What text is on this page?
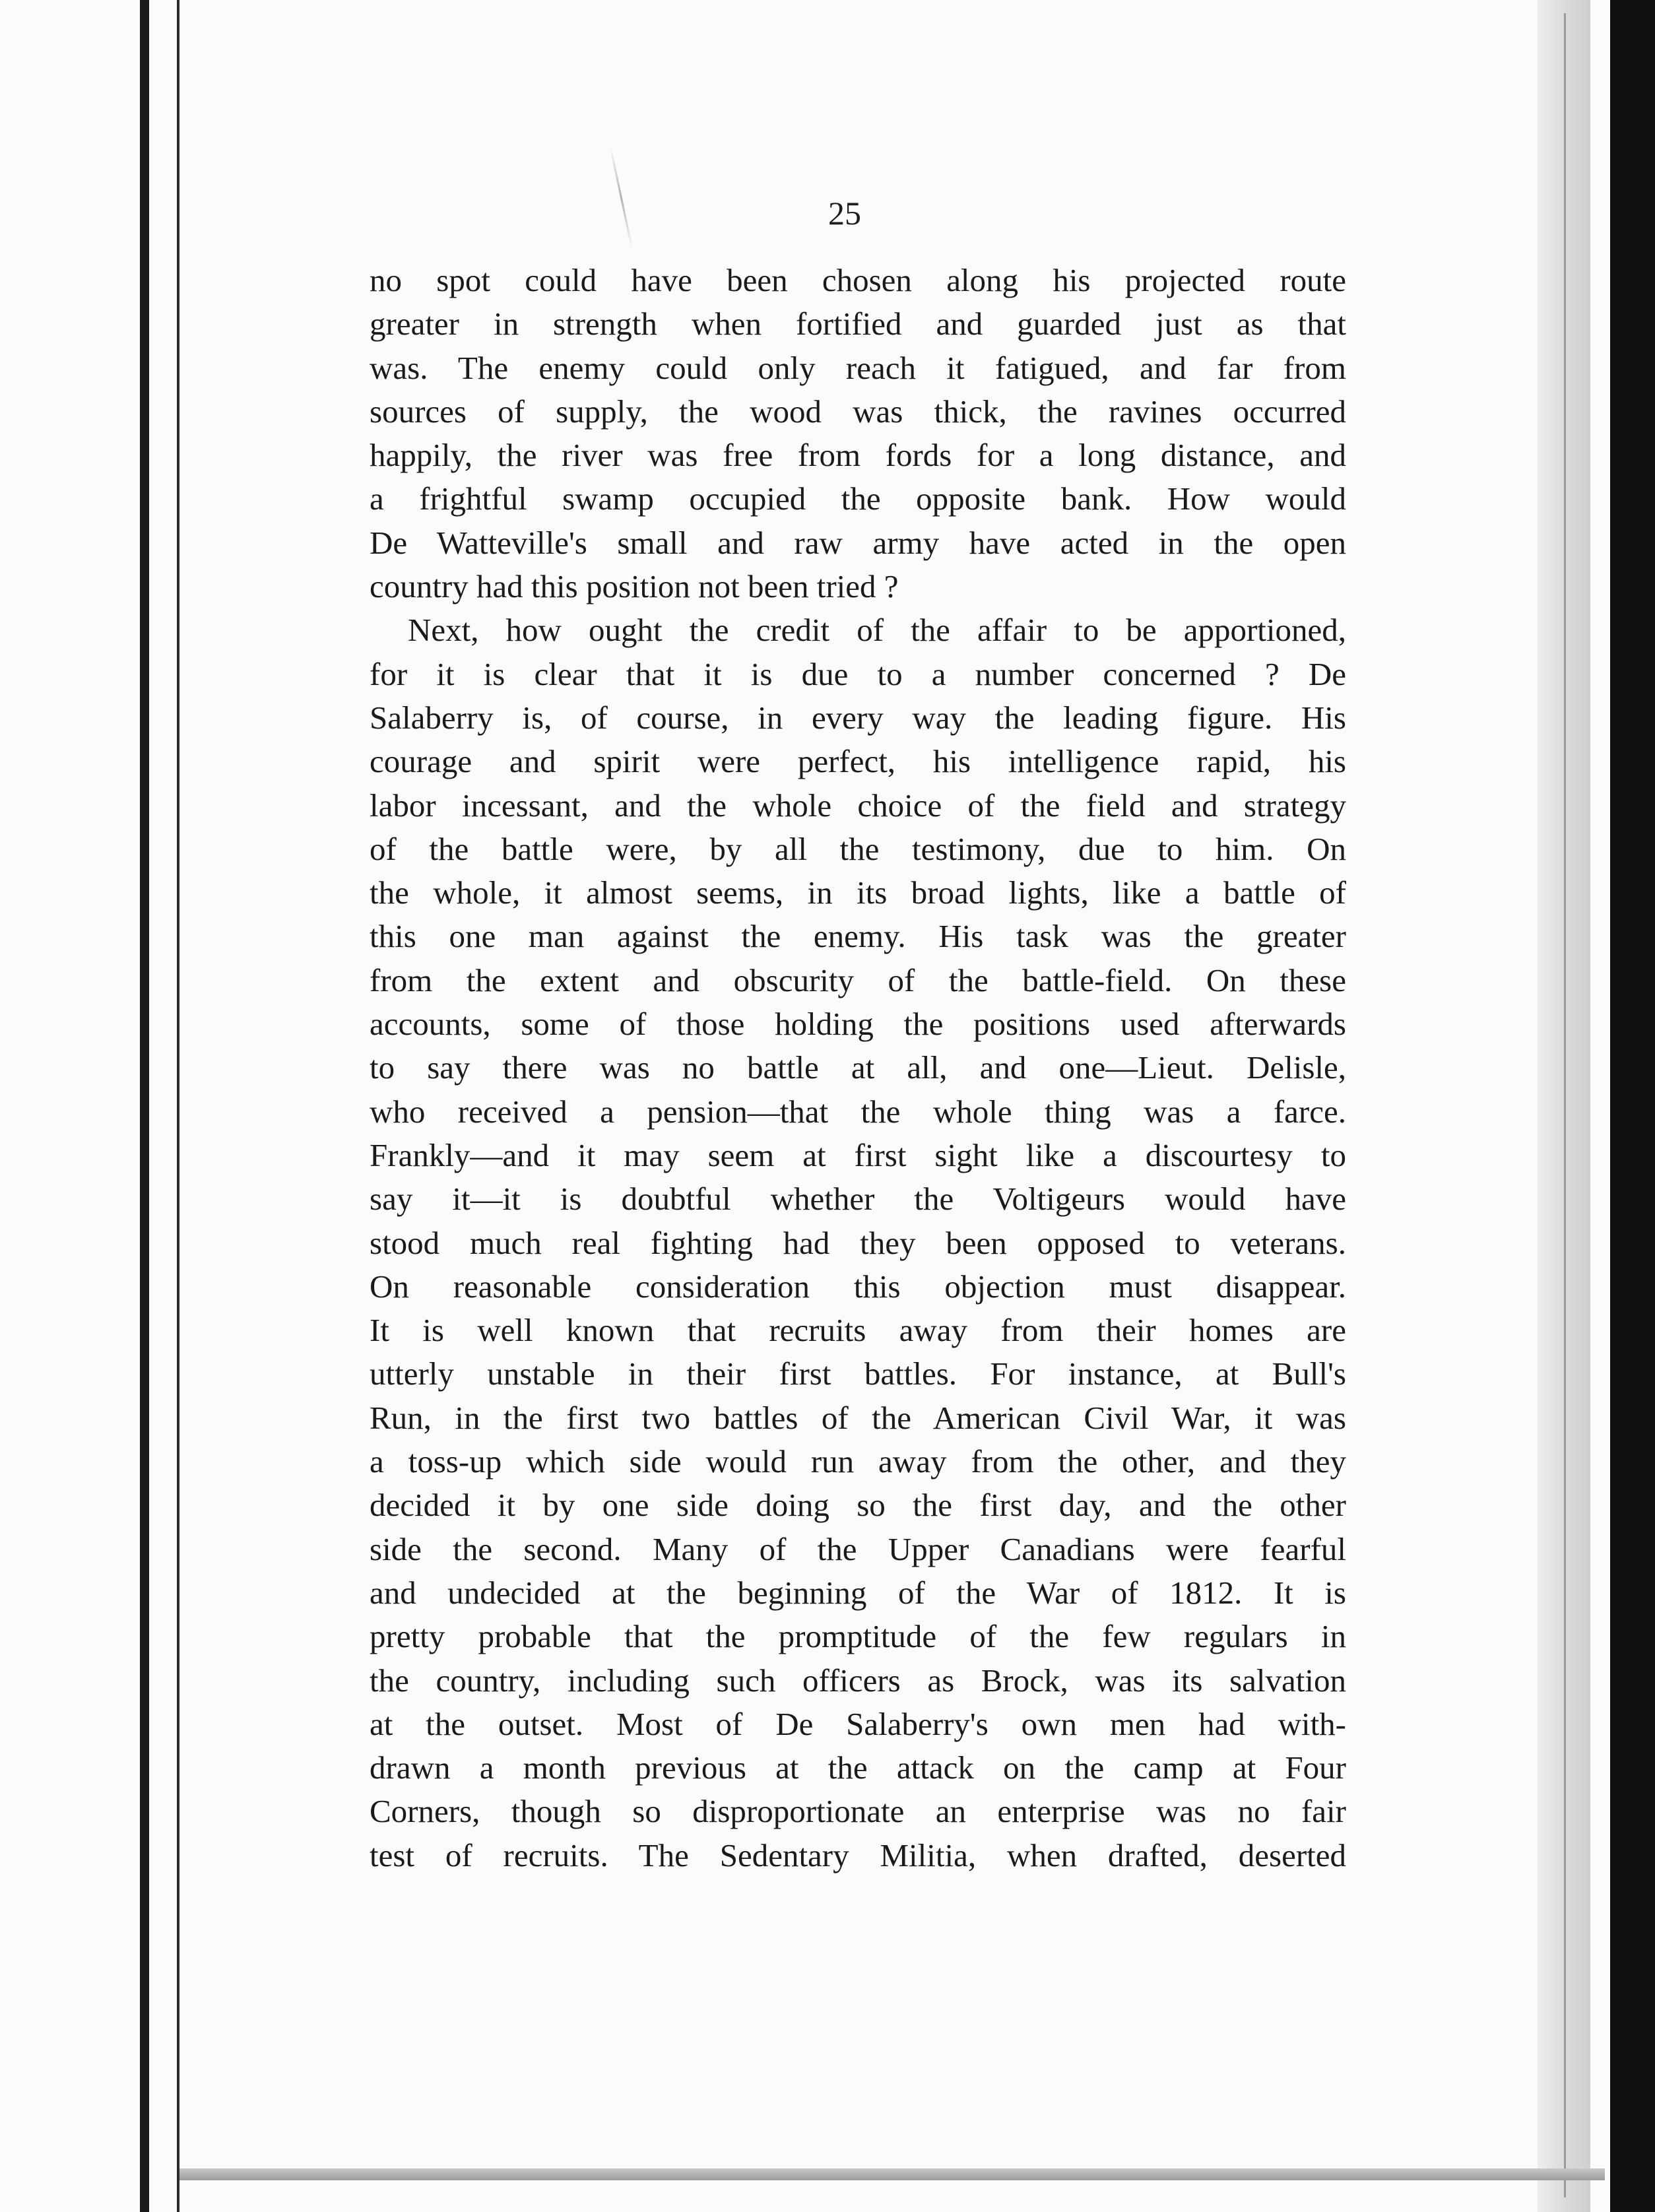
25
no spot could have been chosen along his projected route
greater in strength when fortified and guarded just as that
was. The enemy could only reach it fatigued, and far from
sources of supply, the wood was thick, the ravines occurred
happily, the river was free from fords for a long distance, and
a frightful swamp occupied the opposite bank. How would
De Watteville's small and raw army have acted in the open
country had this position not been tried ?
Next, how ought the credit of the affair to be apportioned,
for it is clear that it is due to a number concerned ? De
Salaberry is, of course, in every way the leading figure. His
courage and spirit were perfect, his intelligence rapid, his
labor incessant, and the whole choice of the field and strategy
of the battle were, by all the testimony, due to him. On
the whole, it almost seems, in its broad lights, like a battle of
this one man against the enemy. His task was the greater
from the extent and obscurity of the battle-field. On these
accounts, some of those holding the positions used afterwards
to say there was no battle at all, and one—Lieut. Delisle,
who received a pension—that the whole thing was a farce.
Frankly—and it may seem at first sight like a discourtesy to
say it—it is doubtful whether the Voltigeurs would have
stood much real fighting had they been opposed to veterans.
On reasonable consideration this objection must disappear.
It is well known that recruits away from their homes are
utterly unstable in their first battles. For instance, at Bull's
Run, in the first two battles of the American Civil War, it was
a toss-up which side would run away from the other, and they
decided it by one side doing so the first day, and the other
side the second. Many of the Upper Canadians were fearful
and undecided at the beginning of the War of 1812. It is
pretty probable that the promptitude of the few regulars in
the country, including such officers as Brock, was its salvation
at the outset. Most of De Salaberry's own men had with-
drawn a month previous at the attack on the camp at Four
Corners, though so disproportionate an enterprise was no fair
test of recruits. The Sedentary Militia, when drafted, deserted
